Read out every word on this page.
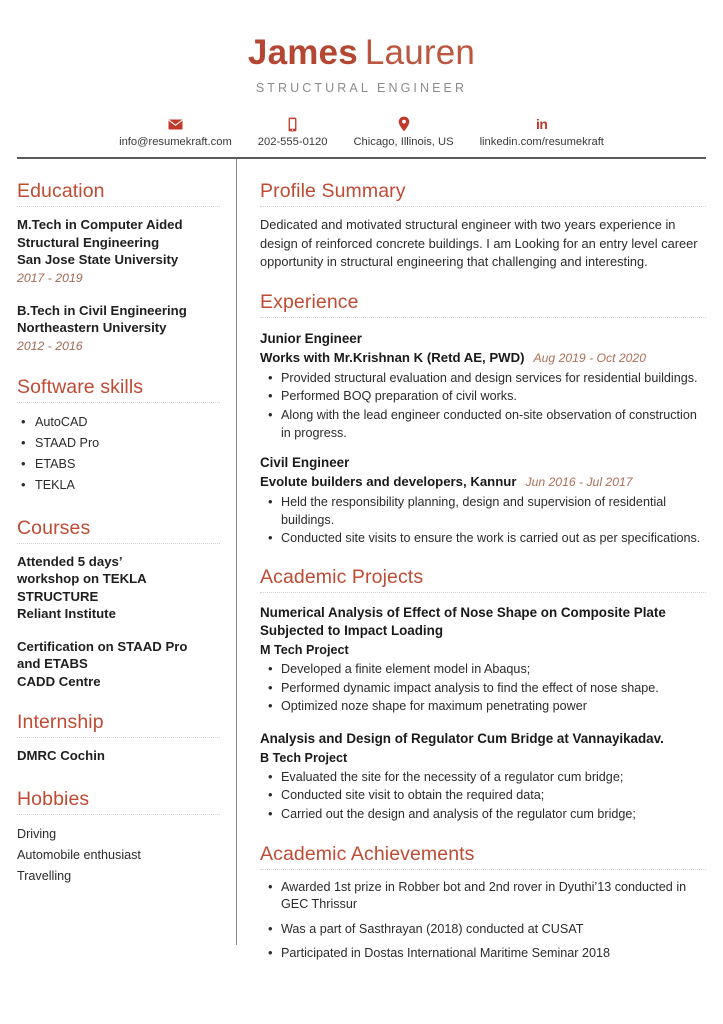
James Lauren
STRUCTURAL ENGINEER
info@resumekraft.com 202-555-0120 Chicago, Illinois, US
in
linkedin.com/resumekraft
Education
M.Tech in Computer Aided
Structural Engineering
San Jose State University
2017 - 2019
B.Tech in Civil Engineering
Northeastern University
2012 - 2016
Software skills
• AutoCAD
• STAAD Pro
• ETABS
• TEKLA
Courses
Attended 5 days’
workshop on TEKLA
STRUCTURE
Reliant Institute
Certification on STAAD Pro
and ETABS
CADD Centre
Internship
DMRC Cochin
Hobbies
Driving
Automobile enthusiast
Travelling
Profile Summary
Dedicated and motivated structural engineer with two years experience in design of reinforced concrete buildings. I am Looking for an entry level career opportunity in structural engineering that challenging and interesting.
Experience
Junior Engineer
Works with Mr.Krishnan K (Retd AE, PWD) Aug 2019 - Oct 2020
• Provided structural evaluation and design services for residential buildings.
• Performed BOQ preparation of civil works.
• Along with the lead engineer conducted on-site observation of construction in progress.
Civil Engineer
Evolute builders and developers, Kannur Jun 2016 - Jul 2017
• Held the responsibility planning, design and supervision of residential buildings.
• Conducted site visits to ensure the work is carried out as per specifications.
Academic Projects
Numerical Analysis of Effect of Nose Shape on Composite Plate Subjected to Impact Loading
M Tech Project
• Developed a finite element model in Abaqus;
• Performed dynamic impact analysis to find the effect of nose shape.
• Optimized noze shape for maximum penetrating power
Analysis and Design of Regulator Cum Bridge at Vannayikadav.
B Tech Project
• Evaluated the site for the necessity of a regulator cum bridge;
• Conducted site visit to obtain the required data;
• Carried out the design and analysis of the regulator cum bridge;
Academic Achievements
• Awarded 1st prize in Robber bot and 2nd rover in Dyuthi’13 conducted in GEC Thrissur
• Was a part of Sasthrayan (2018) conducted at CUSAT
• Participated in Dostas International Maritime Seminar 2018
